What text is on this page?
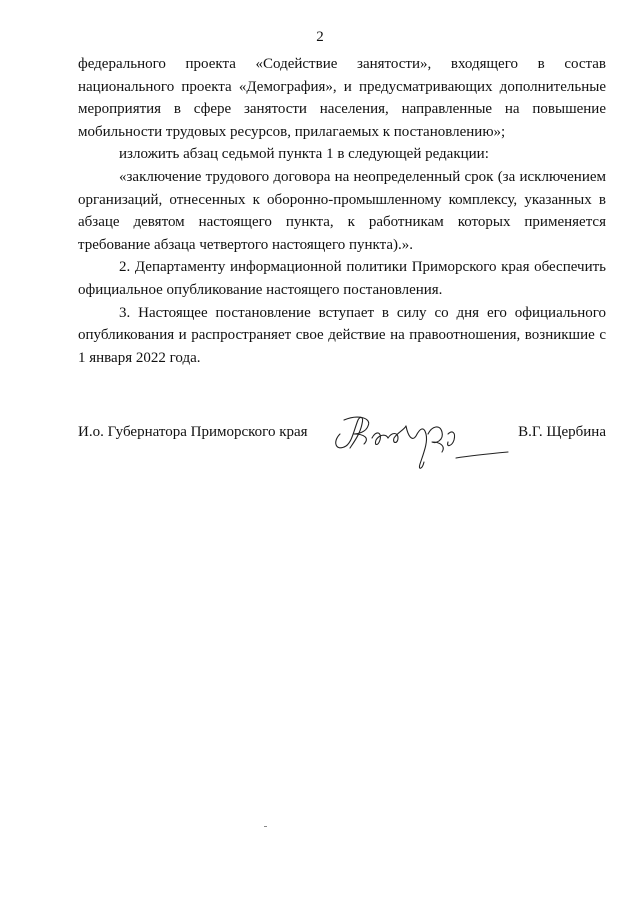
2

федерального проекта «Содействие занятости», входящего в состав национального проекта «Демография», и предусматривающих дополнительные мероприятия в сфере занятости населения, направленные на повышение мобильности трудовых ресурсов, прилагаемых к постановлению»;

изложить абзац седьмой пункта 1 в следующей редакции:

«заключение трудового договора на неопределенный срок (за исключением организаций, отнесенных к оборонно-промышленному комплексу, указанных в абзаце девятом настоящего пункта, к работникам которых применяется требование абзаца четвертого настоящего пункта).».

2. Департаменту информационной политики Приморского края обеспечить официальное опубликование настоящего постановления.

3. Настоящее постановление вступает в силу со дня его официального опубликования и распространяет свое действие на правоотношения, возникшие с 1 января 2022 года.

И.о. Губернатора Приморского края	В.Г. Щербина
